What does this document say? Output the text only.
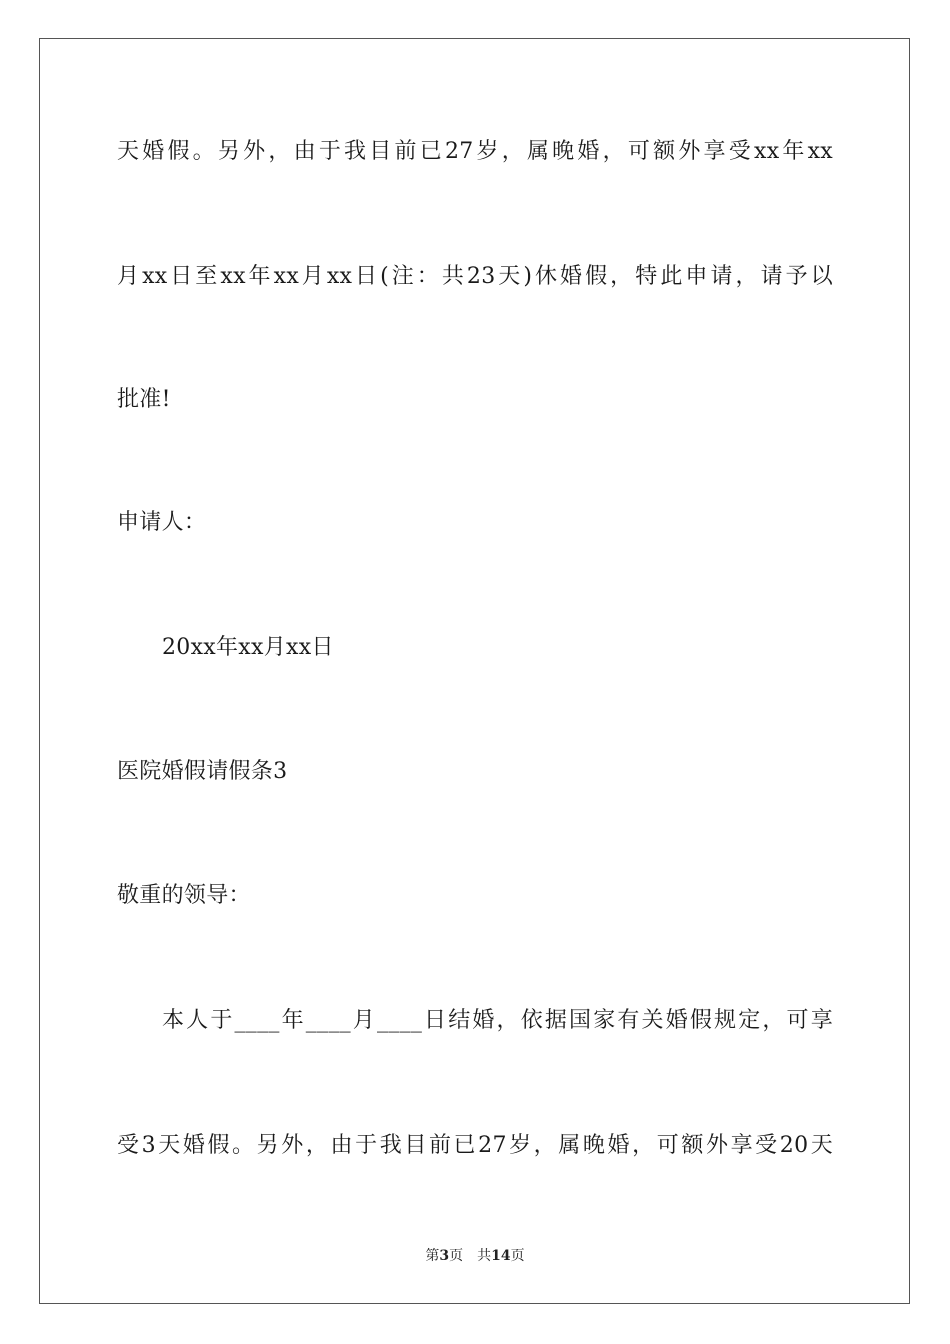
天婚假。另外，由于我目前已27岁，属晚婚，可额外享受xx年xx
月xx日至xx年xx月xx日(注：共23天)休婚假，特此申请，请予以
批准!
申请人：
20xx年xx月xx日
医院婚假请假条3
敬重的领导：
本人于____年____月____日结婚，依据国家有关婚假规定，可享
受3天婚假。另外，由于我目前已27岁，属晚婚，可额外享受20天
第3页 共14页
